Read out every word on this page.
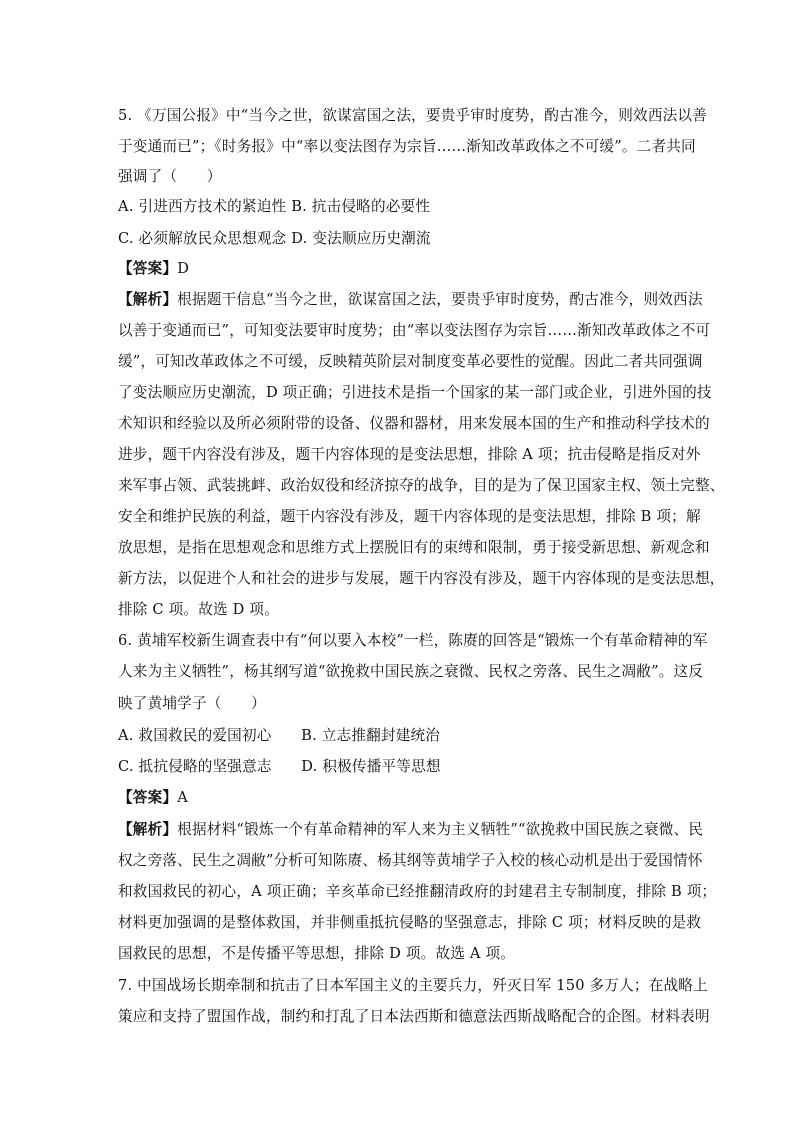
5. 《万国公报》中“当今之世，欲谋富国之法，要贵乎审时度势，酌古准今，则效西法以善
于变通而已”；《时务报》中“率以变法图存为宗旨……渐知改革政体之不可缓”。二者共同
强调了（　　）
A. 引进西方技术的紧迫性 B. 抗击侵略的必要性
C. 必须解放民众思想观念 D. 变法顺应历史潮流
【答案】D
【解析】根据题干信息“当今之世，欲谋富国之法，要贵乎审时度势，酌古准今，则效西法
以善于变通而已”，可知变法要审时度势；由“率以变法图存为宗旨……渐知改革政体之不可
缓”，可知改革政体之不可缓，反映精英阶层对制度变革必要性的觉醒。因此二者共同强调
了变法顺应历史潮流，D 项正确；引进技术是指一个国家的某一部门或企业，引进外国的技
术知识和经验以及所必须附带的设备、仪器和器材，用来发展本国的生产和推动科学技术的
进步，题干内容没有涉及，题干内容体现的是变法思想，排除 A 项；抗击侵略是指反对外
来军事占领、武装挑衅、政治奴役和经济掠夺的战争，目的是为了保卫国家主权、领土完整、
安全和维护民族的利益，题干内容没有涉及，题干内容体现的是变法思想，排除 B 项；解
放思想，是指在思想观念和思维方式上摆脱旧有的束缚和限制，勇于接受新思想、新观念和
新方法，以促进个人和社会的进步与发展，题干内容没有涉及，题干内容体现的是变法思想，
排除 C 项。故选 D 项。
6. 黄埔军校新生调查表中有“何以要入本校”一栏，陈赓的回答是“锻炼一个有革命精神的军
人来为主义牺牲”，杨其纲写道“欲挽救中国民族之衰微、民权之旁落、民生之凋敝”。这反
映了黄埔学子（　　）
A. 救国救民的爱国初心　　B. 立志推翻封建统治
C. 抵抗侵略的坚强意志　　D. 积极传播平等思想
【答案】A
【解析】根据材料“锻炼一个有革命精神的军人来为主义牺牲”“欲挽救中国民族之衰微、民
权之旁落、民生之凋敝”分析可知陈赓、杨其纲等黄埔学子入校的核心动机是出于爱国情怀
和救国救民的初心，A 项正确；辛亥革命已经推翻清政府的封建君主专制制度，排除 B 项；
材料更加强调的是整体救国，并非侧重抵抗侵略的坚强意志，排除 C 项；材料反映的是救
国救民的思想，不是传播平等思想，排除 D 项。故选 A 项。
7. 中国战场长期牵制和抗击了日本军国主义的主要兵力，歼灭日军 150 多万人；在战略上
策应和支持了盟国作战，制约和打乱了日本法西斯和德意法西斯战略配合的企图。材料表明
